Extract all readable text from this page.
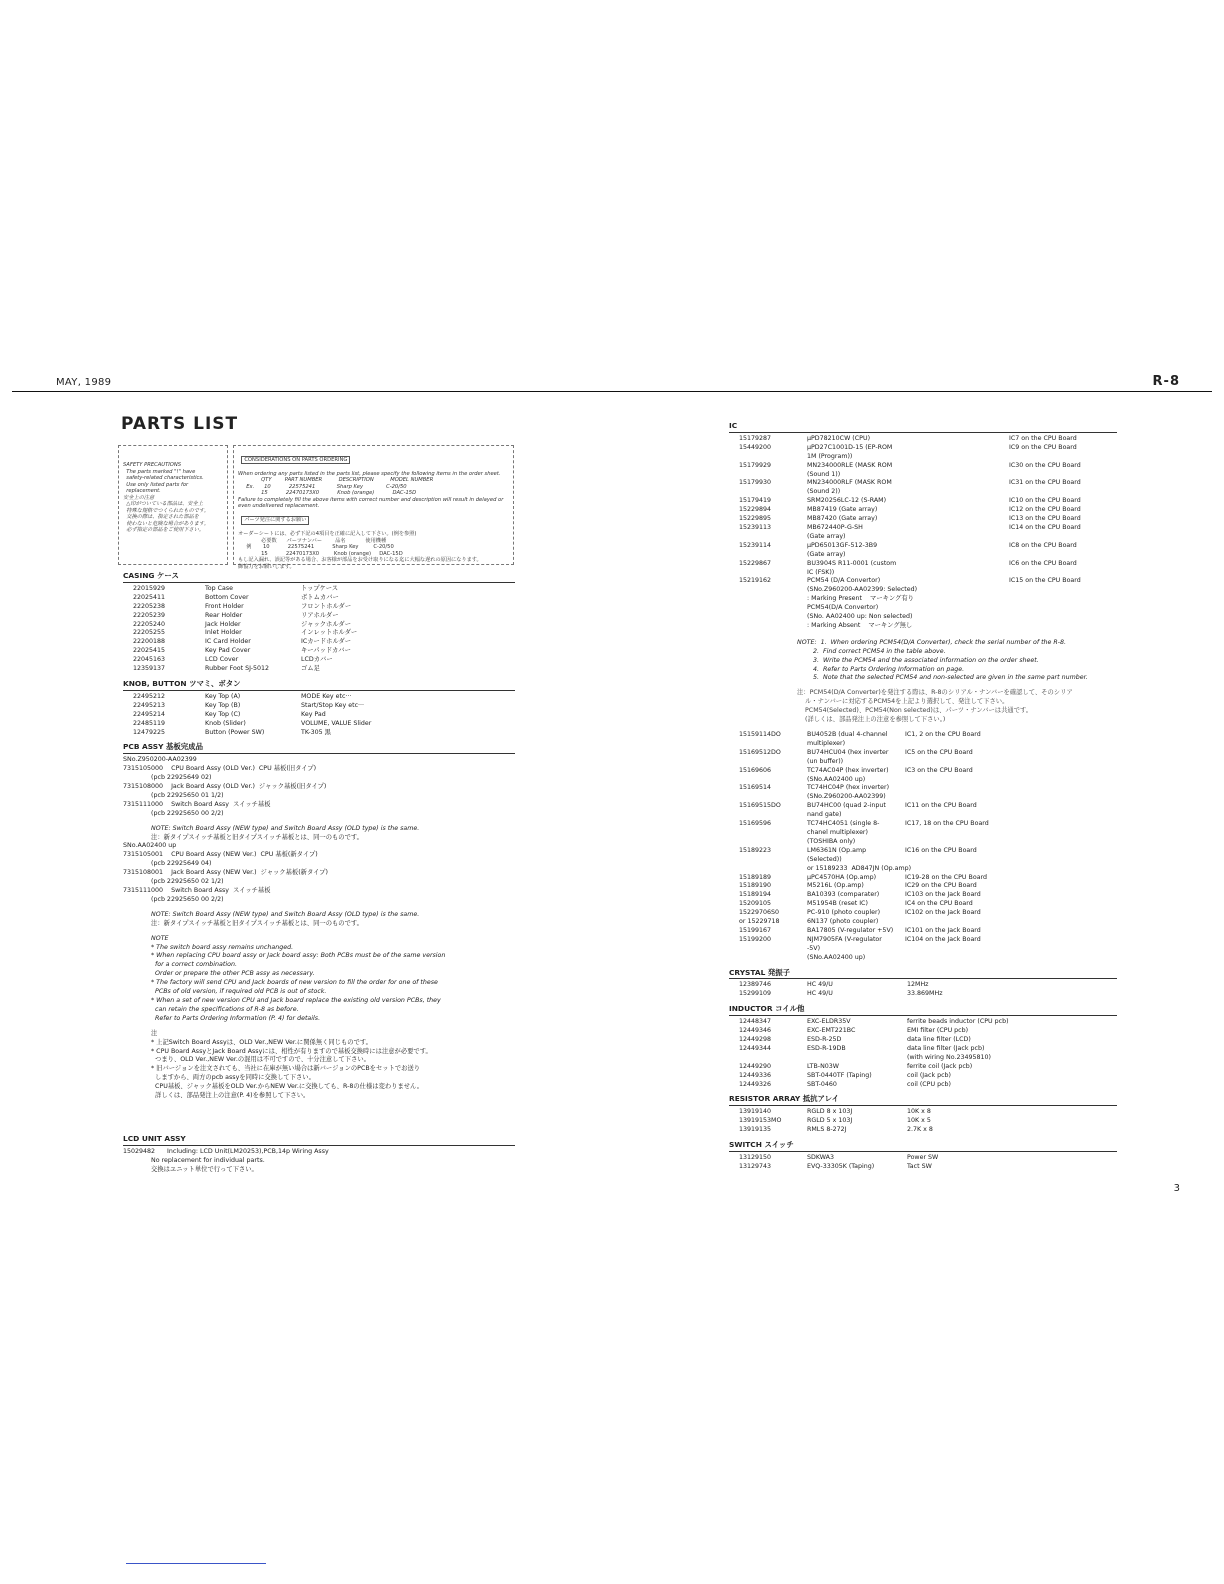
MAY, 1989	R-8
PARTS LIST

SAFETY PRECAUTIONS
The parts marked "!" have
safety-related characteristics.
Use only listed parts for
replacement.
安全上の注意
△印がついている部品は、安全上
特殊な規格でつくられたものです。
交換の際は、指定された部品を
使わないと危険な場合があります。
必ず指定の部品をご使用下さい。

CONSIDERATIONS ON PARTS ORDERING

When ordering any parts listed in the parts list, please specify the following items in the order sheet.
QTY        PART NUMBER          DESCRIPTION          MODEL NUMBER
Ex.      10           22575241             Sharp Key              C-20/50
15           22470173X0           Knob (orange)           DAC-15D
Failure to completely fill the above items with correct number and description will result in delayed or
even undelivered replacement.

パーツ発注に関するお願い

オーダーシートには、必ず下記の4項目を正確に記入して下さい。(例を参照)
必要数      パーツナンバー        品名            使用機種
例       10           22575241           Sharp Key         C-20/50
15           22470173X0         Knob (orange)     DAC-15D
もし記入漏れ、誤記等がある場合、お客様が部品をお受け取りになる迄に大幅な遅れの原因になります。
御協力をお願いします。

CASING ケース
22015929	Top Case	トップケース
22025411	Bottom Cover	ボトムカバー
22205238	Front Holder	フロントホルダー
22205239	Rear Holder	リアホルダー
22205240	Jack Holder	ジャックホルダー
22205255	Inlet Holder	インレットホルダー
22200188	IC Card Holder	ICカードホルダー
22025415	Key Pad Cover	キーパッドカバー
22045163	LCD Cover	LCDカバー
12359137	Rubber Foot SJ-5012	ゴム足
KNOB, BUTTON ツマミ、ボタン
22495212	Key Top (A)	MODE Key etc···
22495213	Key Top (B)	Start/Stop Key etc···
22495214	Key Top (C)	Key Pad
22485119	Knob (Slider)	VOLUME, VALUE Slider
12479225	Button (Power SW)	TK-305 黒
PCB ASSY 基板完成品
SNo.Z950200-AA02399
7315105000    CPU Board Assy (OLD Ver.)  CPU 基板(旧タイプ)
(pcb 22925649 02)
7315108000    Jack Board Assy (OLD Ver.)  ジャック基板(旧タイプ)
(pcb 22925650 01 1/2)
7315111000    Switch Board Assy  スイッチ基板
(pcb 22925650 00 2/2)
NOTE: Switch Board Assy (NEW type) and Switch Board Assy (OLD type) is the same.
注：新タイプスイッチ基板と旧タイプスイッチ基板とは、同一のものです。
SNo.AA02400 up
7315105001    CPU Board Assy (NEW Ver.)  CPU 基板(新タイプ)
(pcb 22925649 04)
7315108001    Jack Board Assy (NEW Ver.)  ジャック基板(新タイプ)
(pcb 22925650 02 1/2)
7315111000    Switch Board Assy  スイッチ基板
(pcb 22925650 00 2/2)
NOTE: Switch Board Assy (NEW type) and Switch Board Assy (OLD type) is the same.
注：新タイプスイッチ基板と旧タイプスイッチ基板とは、同一のものです。
NOTE
* The switch board assy remains unchanged.
* When replacing CPU board assy or Jack board assy: Both PCBs must be of the same version
for a correct combination.
Order or prepare the other PCB assy as necessary.
* The factory will send CPU and Jack boards of new version to fill the order for one of these
PCBs of old version, if required old PCB is out of stock.
* When a set of new version CPU and Jack board replace the existing old version PCBs, they
can retain the specifications of R-8 as before.
Refer to Parts Ordering Information (P. 4) for details.
注
* 上記Switch Board Assyは、OLD Ver.,NEW Ver.に関係無く同じものです。
* CPU Board AssyとJack Board Assyには、相性が有りますので基板交換時には注意が必要です。
つまり、OLD Ver.,NEW Ver.の混用は不可ですので、十分注意して下さい。
* 旧バージョンを注文されても、当社に在庫が無い場合は新バージョンのPCBをセットでお送り
しますから、両方のpcb assyを同時に交換して下さい。
CPU基板、ジャック基板をOLD Ver.からNEW Ver.に交換しても、R-8の仕様は変わりません。
詳しくは、部品発注上の注意(P. 4)を参照して下さい。
LCD UNIT ASSY
15029482      Including: LCD Unit(LM20253),PCB,14p Wiring Assy
No replacement for individual parts.
交換はユニット単位で行って下さい。
IC
15179287	μPD78210CW (CPU)	IC7 on the CPU Board
15449200	μPD27C1001D-15 (EP-ROM	IC9 on the CPU Board
1M (Program))
15179929	MN234000RLE (MASK ROM	IC30 on the CPU Board
(Sound 1))
15179930	MN234000RLF (MASK ROM	IC31 on the CPU Board
(Sound 2))
15179419	SRM20256LC-12 (S-RAM)	IC10 on the CPU Board
15229894	MB87419 (Gate array)	IC12 on the CPU Board
15229895	MB87420 (Gate array)	IC13 on the CPU Board
15239113	MB672440P-G-SH	IC14 on the CPU Board
(Gate array)
15239114	μPD65013GF-512-3B9	IC8 on the CPU Board
(Gate array)
15229867	BU3904S R11-0001 (custom	IC6 on the CPU Board
IC (FSK))
15219162	PCM54 (D/A Convertor)	IC15 on the CPU Board
(SNo.Z960200-AA02399: Selected)
: Marking Present    マーキング有り
PCM54(D/A Convertor)
(SNo. AA02400 up: Non selected)
: Marking Absent    マーキング無し
NOTE:  1.  When ordering PCM54(D/A Converter), check the serial number of the R-8.
2.  Find correct PCM54 in the table above.
3.  Write the PCM54 and the associated information on the order sheet.
4.  Refer to Parts Ordering Information on page.
5.  Note that the selected PCM54 and non-selected are given in the same part number.
注：PCM54(D/A Converter)を発注する際は、R-8のシリアル・ナンバーを確認して、そのシリア
ル・ナンバーに対応するPCM54を上記より選択して、発注して下さい。
PCM54(Selected)、PCM54(Non selected)は、パーツ・ナンバーは共通です。
(詳しくは、部品発注上の注意を参照して下さい。)
15159114DO	BU4052B (dual 4-channel	IC1, 2 on the CPU Board
multiplexer)
15169512DO	BU74HCU04 (hex inverter	IC5 on the CPU Board
(un buffer))
15169606	TC74AC04P (hex inverter)	IC3 on the CPU Board
(SNo.AA02400 up)
15169514	TC74HC04P (hex inverter)
(SNo.Z960200-AA02399)
15169515DO	BU74HC00 (quad 2-input	IC11 on the CPU Board
nand gate)
15169596	TC74HC4051 (single 8-	IC17, 18 on the CPU Board
chanel multiplexer)
(TOSHIBA only)
15189223	LM6361N (Op.amp	IC16 on the CPU Board
(Selected))
or 15189233  AD847JN (Op.amp)
15189189	μPC4570HA (Op.amp)	IC19-28 on the CPU Board
15189190	M5216L (Op.amp)	IC29 on the CPU Board
15189194	BA10393 (comparater)	IC103 on the Jack Board
15209105	M51954B (reset IC)	IC4 on the CPU Board
15229706S0	PC-910 (photo coupler)	IC102 on the Jack Board
or 15229718	6N137 (photo coupler)
15199167	BA17805 (V-regulator +5V)	IC101 on the Jack Board
15199200	NJM7905FA (V-regulator	IC104 on the Jack Board
-5V)
(SNo.AA02400 up)
CRYSTAL 発振子
12389746	HC 49/U	12MHz
15299109	HC 49/U	33.869MHz
INDUCTOR コイル他
12448347	EXC-ELDR35V	ferrite beads inductor (CPU pcb)
12449346	EXC-EMT221BC	EMI filter (CPU pcb)
12449298	ESD-R-25D	data line filter (LCD)
12449344	ESD-R-19DB	data line filter (Jack pcb)
(with wiring No.23495810)
12449290	LTB-N03W	ferrite coil (Jack pcb)
12449336	SBT-0440TF (Taping)	coil (Jack pcb)
12449326	SBT-0460	coil (CPU pcb)
RESISTOR ARRAY 抵抗アレイ
13919140	RGLD 8 x 103J	10K x 8
13919153MO	RGLD 5 x 103J	10K x 5
13919135	RMLS 8-272J	2.7K x 8
SWITCH スイッチ
13129150	SDKWA3	Power SW
13129743	EVQ-33305K (Taping)	Tact SW
3
